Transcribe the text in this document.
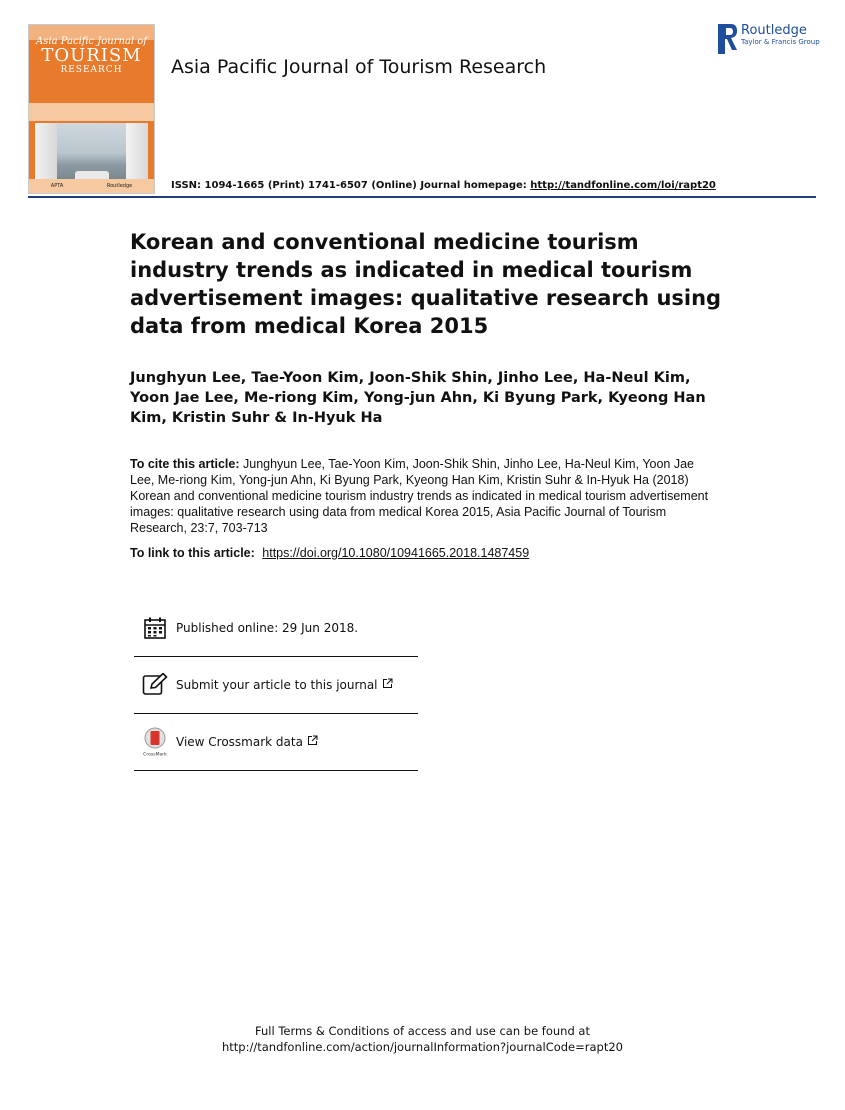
Asia Pacific Journal of
TOURISM
RESEARCH
APTA	Routledge
Asia Pacific Journal of Tourism Research
Routledge
Taylor & Francis Group
ISSN: 1094-1665 (Print) 1741-6507 (Online) Journal homepage: http://tandfonline.com/loi/rapt20
Korean and conventional medicine tourism industry trends as indicated in medical tourism advertisement images: qualitative research using data from medical Korea 2015
Junghyun Lee, Tae-Yoon Kim, Joon-Shik Shin, Jinho Lee, Ha-Neul Kim, Yoon Jae Lee, Me-riong Kim, Yong-jun Ahn, Ki Byung Park, Kyeong Han Kim, Kristin Suhr & In-Hyuk Ha
To cite this article: Junghyun Lee, Tae-Yoon Kim, Joon-Shik Shin, Jinho Lee, Ha-Neul Kim, Yoon Jae Lee, Me-riong Kim, Yong-jun Ahn, Ki Byung Park, Kyeong Han Kim, Kristin Suhr & In-Hyuk Ha (2018) Korean and conventional medicine tourism industry trends as indicated in medical tourism advertisement images: qualitative research using data from medical Korea 2015, Asia Pacific Journal of Tourism Research, 23:7, 703-713
To link to this article: https://doi.org/10.1080/10941665.2018.1487459
Published online: 29 Jun 2018.
Submit your article to this journal
CrossMark
View Crossmark data
Full Terms & Conditions of access and use can be found at
http://tandfonline.com/action/journalInformation?journalCode=rapt20
